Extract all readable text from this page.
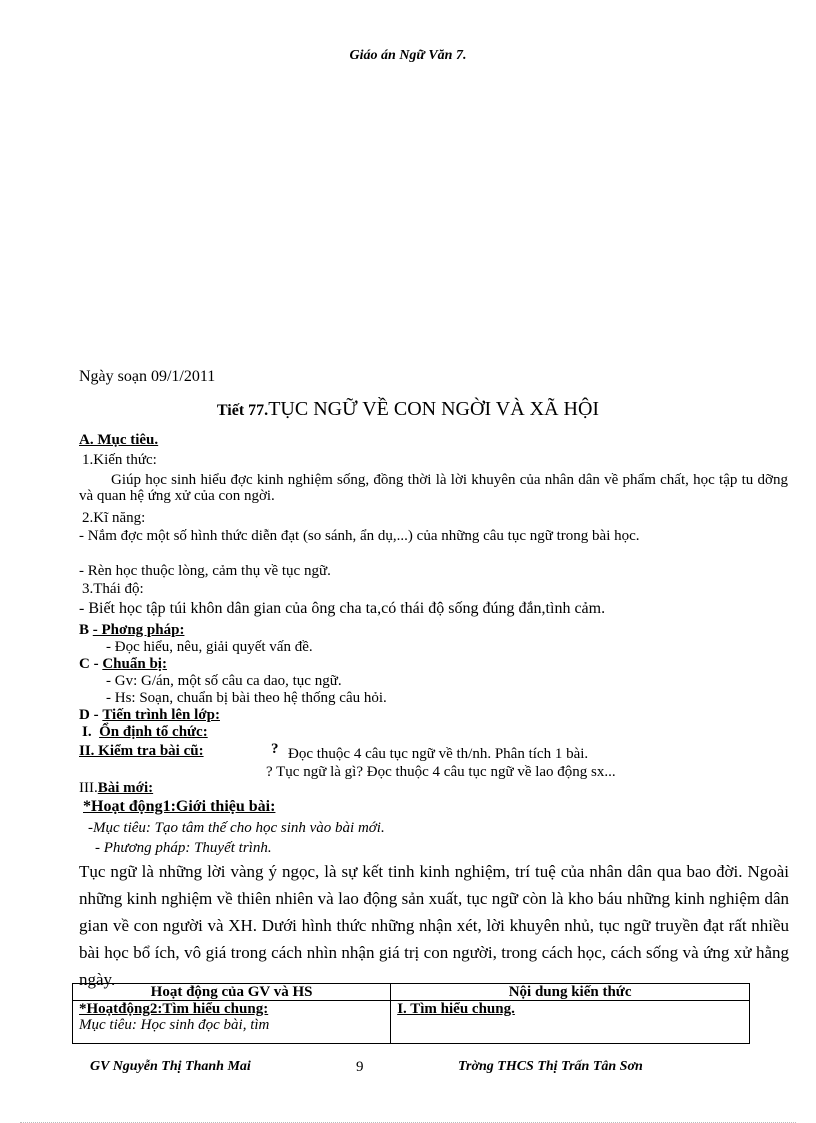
Giáo án Ngữ Văn 7.
Ngày soạn 09/1/2011
Tiết 77.TỤC NGỮ VỀ CON NGỜI VÀ XÃ HỘI
A. Mục tiêu.
1.Kiến thức:
Giúp học sinh hiểu đợc kinh nghiệm sống, đồng thời là lời khuyên của nhân dân về phẩm chất, học tập tu dỡng và quan hệ ứng xử của con ngời.
2.Kĩ năng:
- Nắm đợc một số hình thức diễn đạt (so sánh, ẩn dụ,...) của những câu tục ngữ trong bài học.
- Rèn học thuộc lòng, cảm thụ về tục ngữ.
3.Thái độ:
- Biết học tập túi khôn dân gian của ông cha ta,có thái độ sống đúng đắn,tình cảm.
B - Phơng pháp:
- Đọc hiểu, nêu, giải quyết vấn đề.
C - Chuẩn bị:
- Gv: G/án, một số câu ca dao, tục ngữ.
- Hs: Soạn, chuẩn bị bài theo hệ thống câu hỏi.
D - Tiến trình lên lớp:
I. Ổn định tổ chức:
II. Kiểm tra bài cũ:	? Đọc thuộc 4 câu tục ngữ về th/nh. Phân tích 1 bài.
? Tục ngữ là gì? Đọc thuộc 4 câu tục ngữ về lao động sx...
III.Bài mới:
*Hoạt động1:Giới thiệu bài:
-Mục tiêu: Tạo tâm thế cho học sinh vào bài mới.
- Phương pháp: Thuyết trình.
Tục ngữ là những lời vàng ý ngọc, là sự kết tinh kinh nghiệm, trí tuệ của nhân dân qua bao đời. Ngoài những kinh nghiệm về thiên nhiên và lao động sản xuất, tục ngữ còn là kho báu những kinh nghiệm dân gian về con người và XH. Dưới hình thức những nhận xét, lời khuyên nhủ, tục ngữ truyền đạt rất nhiều bài học bổ ích, vô giá trong cách nhìn nhận giá trị con người, trong cách học, cách sống và ứng xử hằng ngày.
Hoạt động của GV và HS	Nội dung kiến thức

*Hoạtđộng2:Tìm hiểu chung:
Mục tiêu: Học sinh đọc bài, tìm	I. Tìm hiểu chung.
GV Nguyễn Thị Thanh Mai	9	Trờng THCS Thị Trấn Tân Sơn
